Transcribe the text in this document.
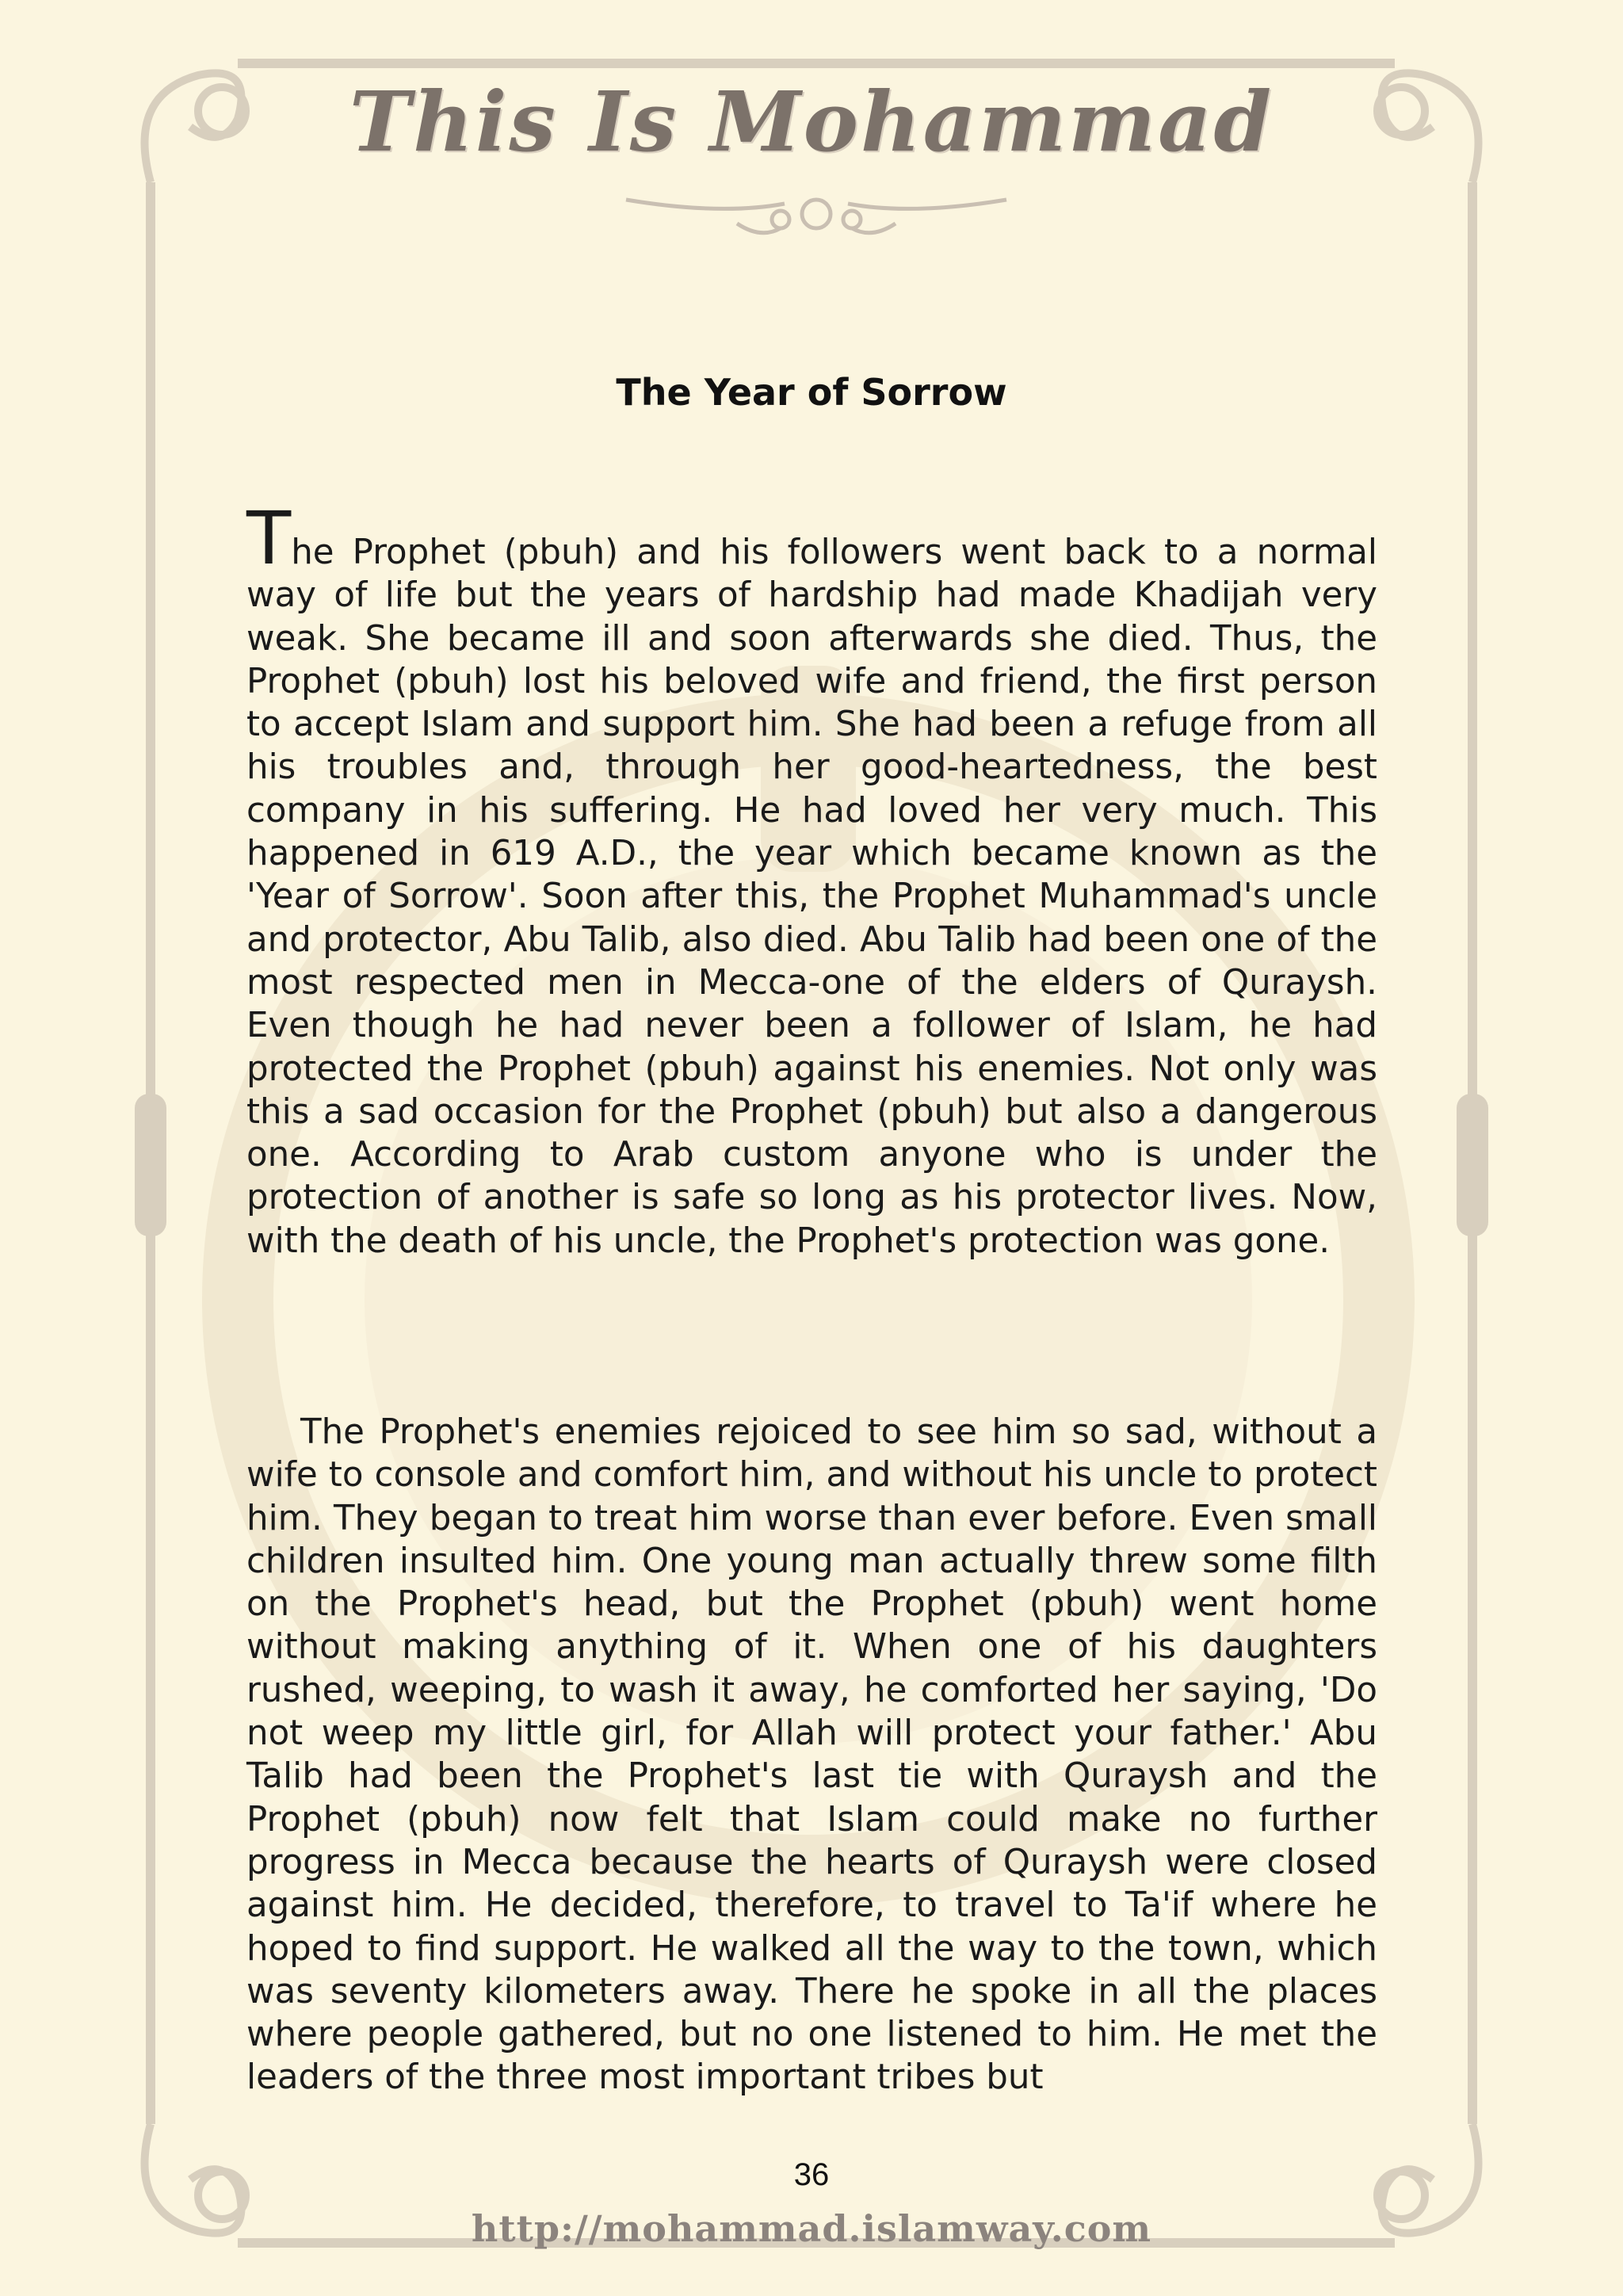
This Is Mohammad
The Year of Sorrow

The Prophet (pbuh) and his followers went back to a normal way of life but the years of hardship had made Khadijah very weak. She became ill and soon afterwards she died. Thus, the Prophet (pbuh) lost his beloved wife and friend, the first person to accept Islam and support him. She had been a refuge from all his troubles and, through her good-heartedness, the best company in his suffering. He had loved her very much. This happened in 619 A.D., the year which became known as the 'Year of Sorrow'. Soon after this, the Prophet Muhammad's uncle and protector, Abu Talib, also died. Abu Talib had been one of the most respected men in Mecca-one of the elders of Quraysh. Even though he had never been a follower of Islam, he had protected the Prophet (pbuh) against his enemies. Not only was this a sad occasion for the Prophet (pbuh) but also a dangerous one. According to Arab custom anyone who is under the protection of another is safe so long as his protector lives. Now, with the death of his uncle, the Prophet's protection was gone.

The Prophet's enemies rejoiced to see him so sad, without a wife to console and comfort him, and without his uncle to protect him. They began to treat him worse than ever before. Even small children insulted him. One young man actually threw some filth on the Prophet's head, but the Prophet (pbuh) went home without making anything of it. When one of his daughters rushed, weeping, to wash it away, he comforted her saying, 'Do not weep my little girl, for Allah will protect your father.' Abu Talib had been the Prophet's last tie with Quraysh and the Prophet (pbuh) now felt that Islam could make no further progress in Mecca because the hearts of Quraysh were closed against him. He decided, therefore, to travel to Ta'if where he hoped to find support. He walked all the way to the town, which was seventy kilometers away. There he spoke in all the places where people gathered, but no one listened to him. He met the leaders of the three most important tribes but

36
http://mohammad.islamway.com
